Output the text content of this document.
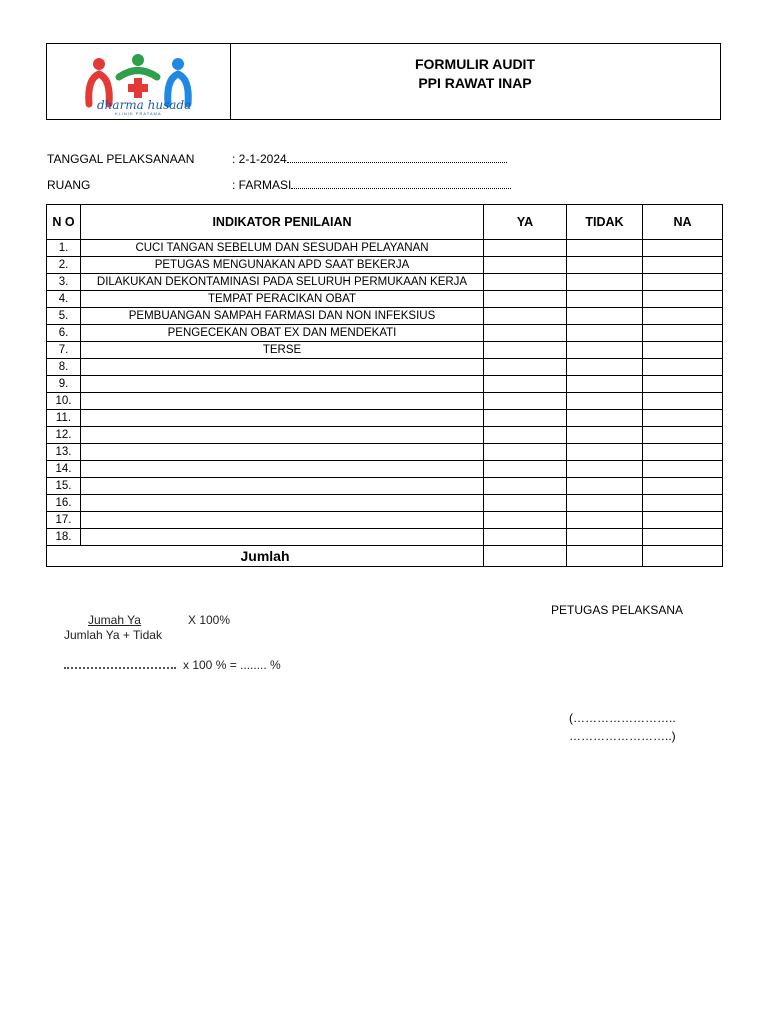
dharma husada
KLINIK PRATAMA
FORMULIR AUDIT
PPI RAWAT INAP
TANGGAL PELAKSANAAN	: 2-1-2024
RUANG	: FARMASI
N O	INDIKATOR PENILAIAN	YA	TIDAK	NA
1.	CUCI TANGAN SEBELUM DAN SESUDAH PELAYANAN			
2.	PETUGAS MENGUNAKAN APD SAAT BEKERJA			
3.	DILAKUKAN DEKONTAMINASI PADA SELURUH PERMUKAAN KERJA			
4.	TEMPAT PERACIKAN OBAT			
5.	PEMBUANGAN SAMPAH FARMASI DAN NON INFEKSIUS			
6.	PENGECEKAN OBAT EX DAN MENDEKATI			
7.	TERSE			
8.				
9.				
10.				
11.				
12.				
13.				
14.				
15.				
16.				
17.				
18.				
Jumlah				
Jumah Ya	X 100%
Jumlah Ya + Tidak
x 100 % = ........ %
PETUGAS PELAKSANA
(……………………..
……………………..)
